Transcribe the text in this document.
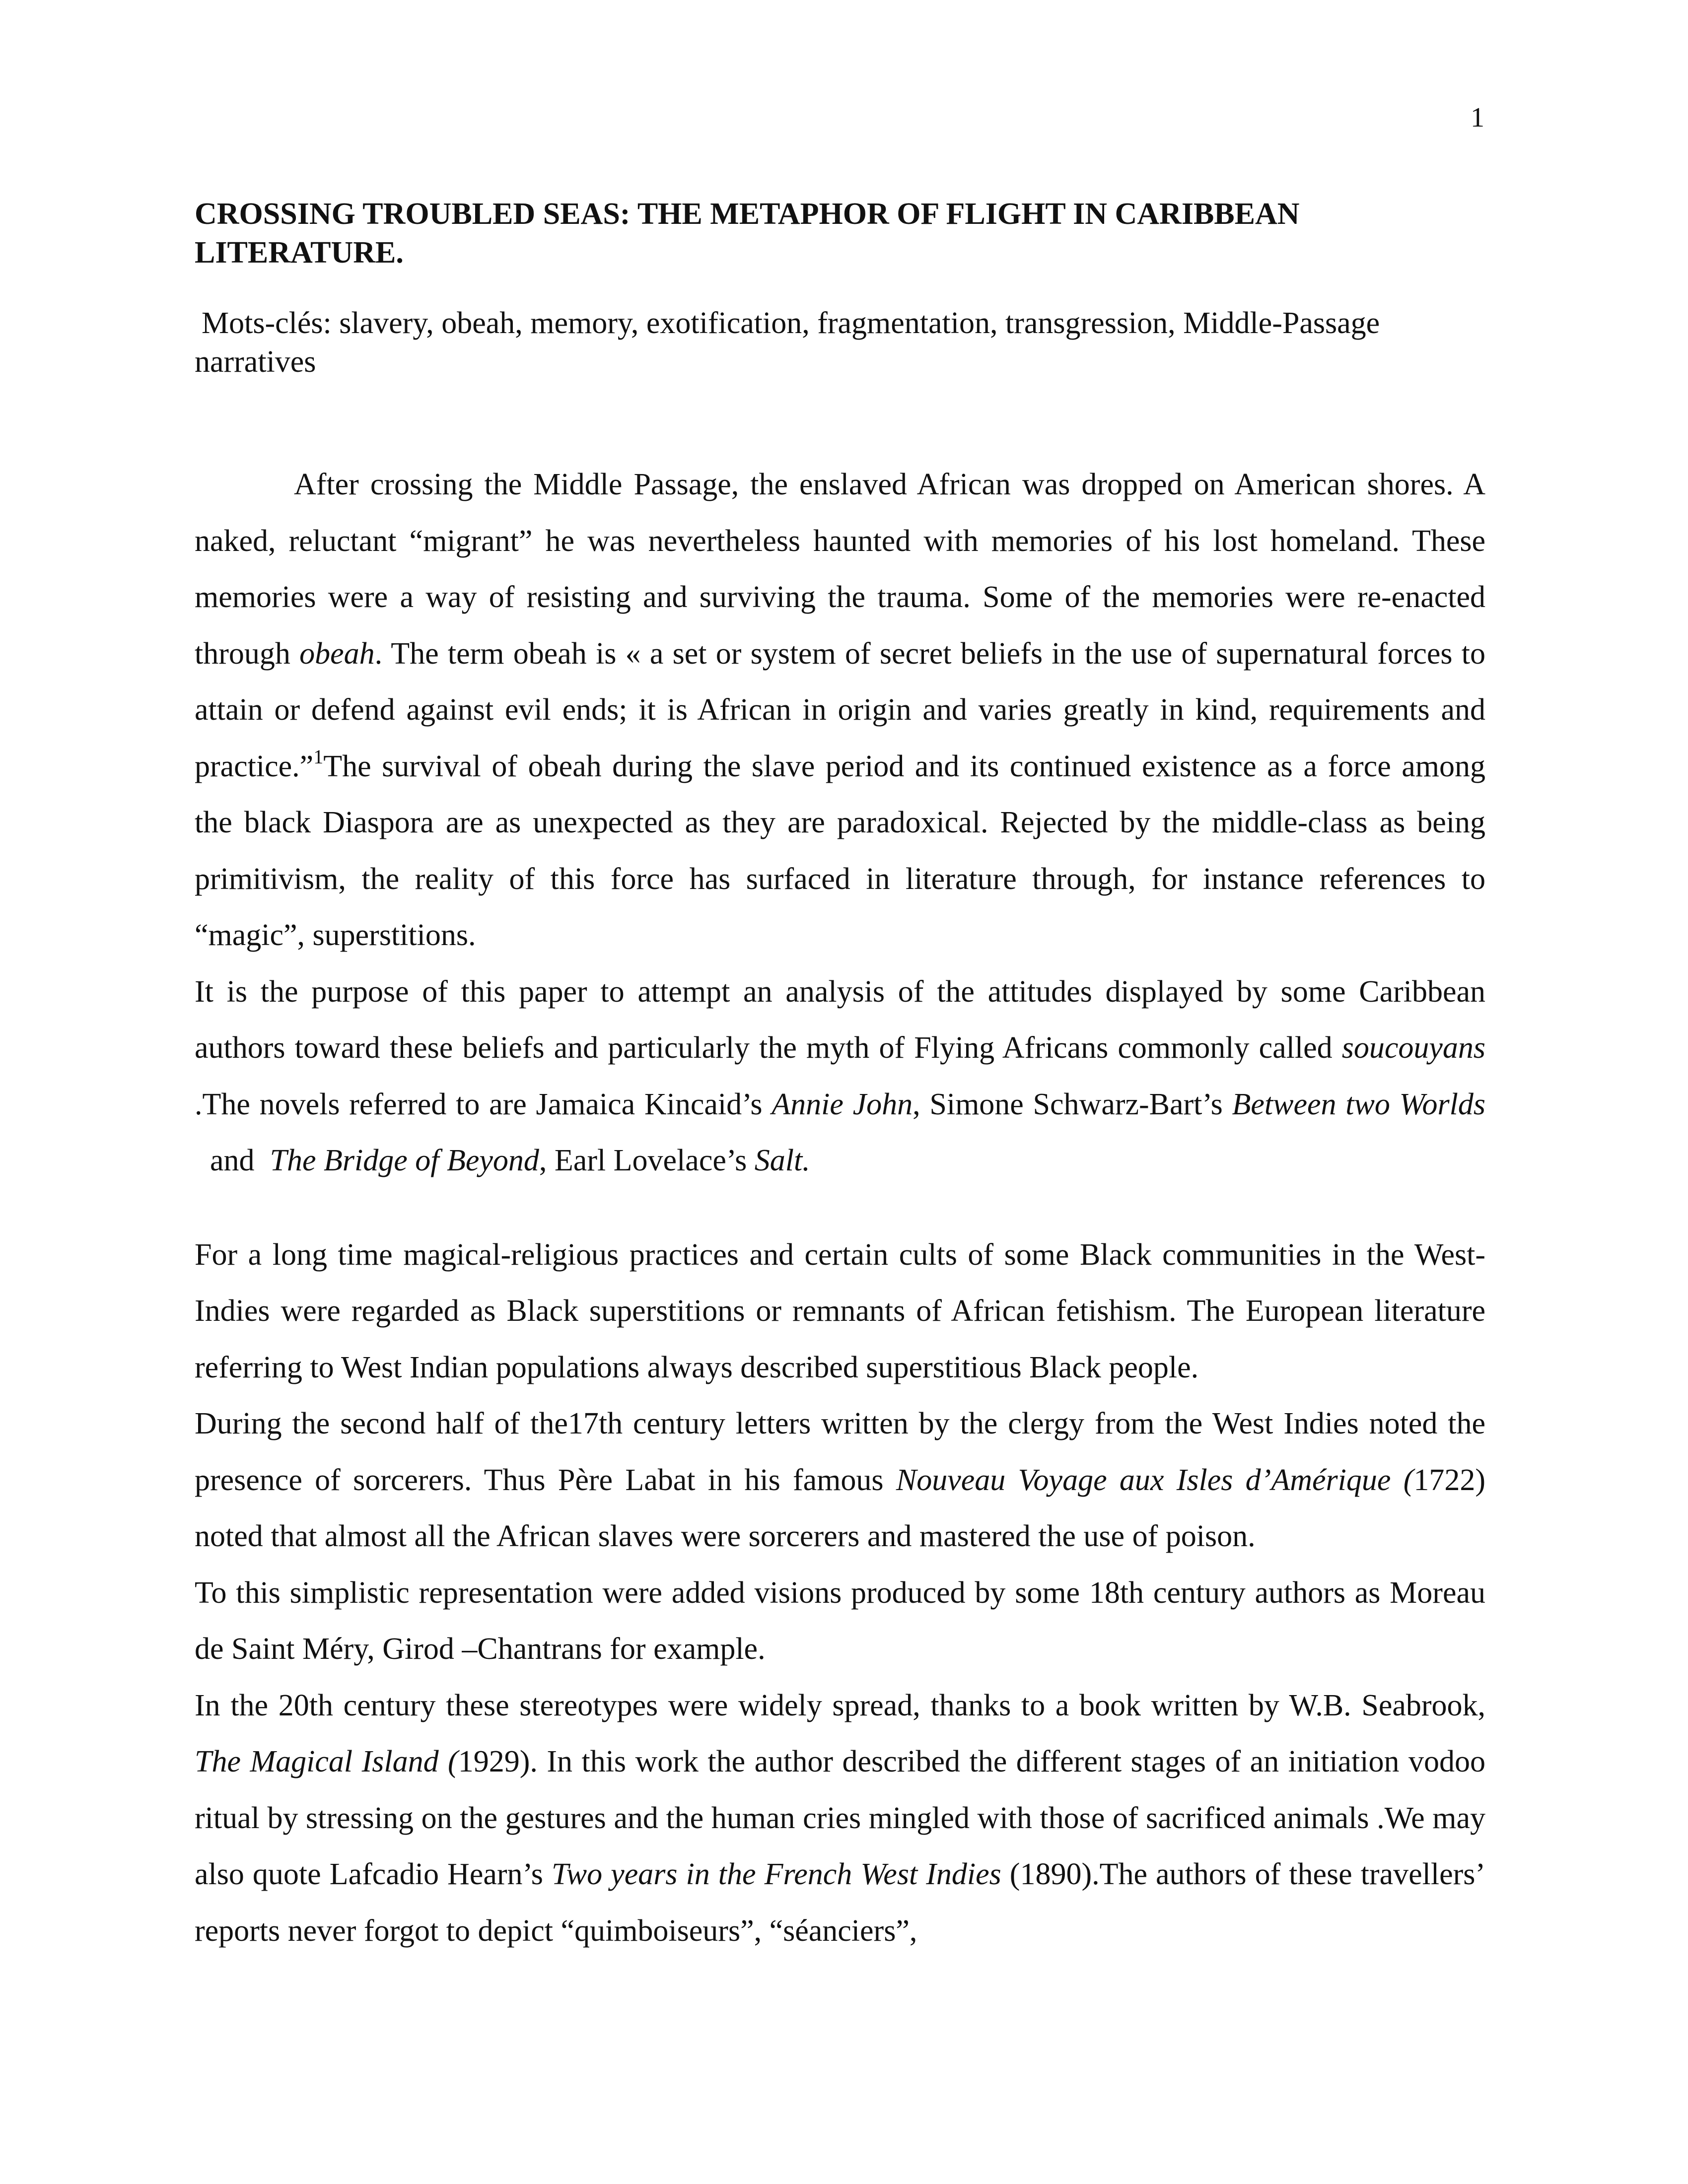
1
CROSSING TROUBLED SEAS: THE METAPHOR OF FLIGHT IN CARIBBEAN LITERATURE.

Mots-clés: slavery, obeah, memory, exotification, fragmentation, transgression, Middle-Passage narratives

After crossing the Middle Passage, the enslaved African was dropped on American shores. A naked, reluctant “migrant” he was nevertheless haunted with memories of his lost homeland. These memories were a way of resisting and surviving the trauma. Some of the memories were re-enacted through obeah. The term obeah is « a set or system of secret beliefs in the use of supernatural forces to attain or defend against evil ends; it is African in origin and varies greatly in kind, requirements and practice.”$^1$The survival of obeah during the slave period and its continued existence as a force among the black Diaspora are as unexpected as they are paradoxical. Rejected by the middle-class as being primitivism, the reality of this force has surfaced in literature through, for instance references to “magic”, superstitions.

It is the purpose of this paper to attempt an analysis of the attitudes displayed by some Caribbean authors toward these beliefs and particularly the myth of Flying Africans commonly called soucouyans .The novels referred to are Jamaica Kincaid’s Annie John, Simone Schwarz-Bart’s Between two Worlds  and  The Bridge of Beyond, Earl Lovelace’s Salt.

For a long time magical-religious practices and certain cults of some Black communities in the West-Indies were regarded as Black superstitions or remnants of African fetishism. The European literature referring to West Indian populations always described superstitious Black people.

During the second half of the17th century letters written by the clergy from the West Indies noted the presence of sorcerers. Thus Père Labat in his famous Nouveau Voyage aux Isles d’Amérique (1722) noted that almost all the African slaves were sorcerers and mastered the use of poison.

To this simplistic representation were added visions produced by some 18th century authors as Moreau de Saint Méry, Girod –Chantrans for example.

In the 20th century these stereotypes were widely spread, thanks to a book written by W.B. Seabrook, The Magical Island (1929). In this work the author described the different stages of an initiation vodoo ritual by stressing on the gestures and the human cries mingled with those of sacrificed animals .We may also quote Lafcadio Hearn’s Two years in the French West Indies (1890).The authors of these travellers’ reports never forgot to depict “quimboiseurs”, “séanciers”,
